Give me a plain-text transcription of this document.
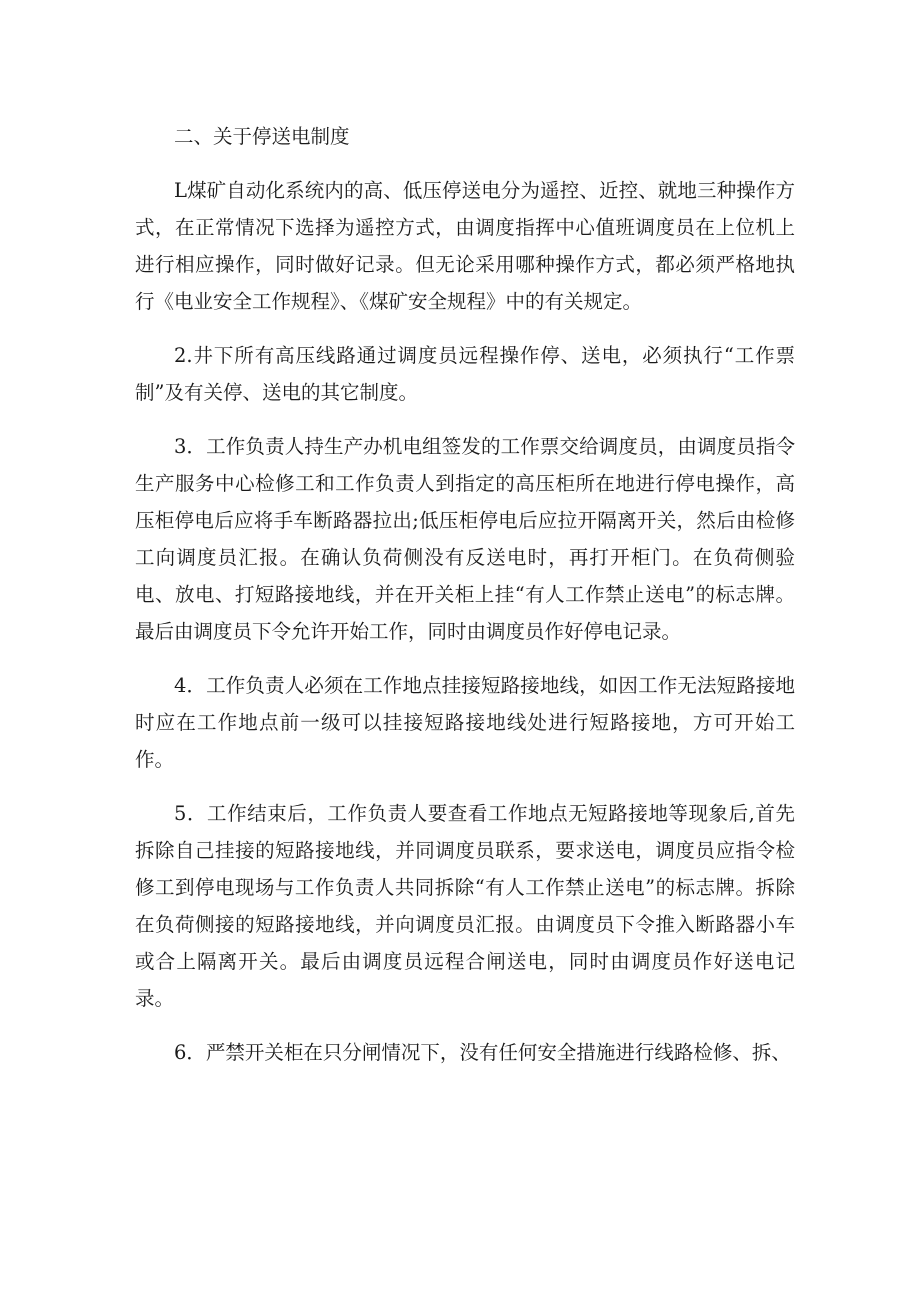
二、关于停送电制度

L煤矿自动化系统内的高、低压停送电分为遥控、近控、就地三种操作方式，在正常情况下选择为遥控方式，由调度指挥中心值班调度员在上位机上进行相应操作，同时做好记录。但无论采用哪种操作方式，都必须严格地执行《电业安全工作规程》、《煤矿安全规程》中的有关规定。

2.井下所有高压线路通过调度员远程操作停、送电，必须执行“工作票制”及有关停、送电的其它制度。

3．工作负责人持生产办机电组签发的工作票交给调度员，由调度员指令生产服务中心检修工和工作负责人到指定的高压柜所在地进行停电操作，高压柜停电后应将手车断路器拉出;低压柜停电后应拉开隔离开关，然后由检修工向调度员汇报。在确认负荷侧没有反送电时，再打开柜门。在负荷侧验电、放电、打短路接地线，并在开关柜上挂“有人工作禁止送电”的标志牌。最后由调度员下令允许开始工作，同时由调度员作好停电记录。

4．工作负责人必须在工作地点挂接短路接地线，如因工作无法短路接地时应在工作地点前一级可以挂接短路接地线处进行短路接地，方可开始工作。

5．工作结束后，工作负责人要查看工作地点无短路接地等现象后,首先拆除自己挂接的短路接地线，并同调度员联系，要求送电，调度员应指令检修工到停电现场与工作负责人共同拆除“有人工作禁止送电”的标志牌。拆除在负荷侧接的短路接地线，并向调度员汇报。由调度员下令推入断路器小车或合上隔离开关。最后由调度员远程合闸送电，同时由调度员作好送电记录。

6．严禁开关柜在只分闸情况下，没有任何安全措施进行线路检修、拆、
